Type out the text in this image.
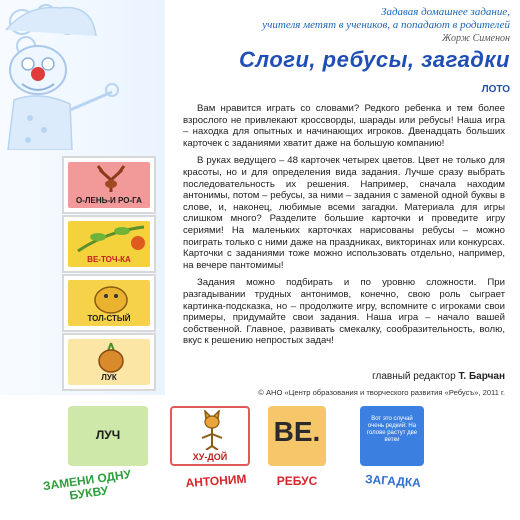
О-ЛЕНЬ-И РО-ГА
ВЕ-ТОЧ-КА
ТОЛ-СТЫЙ
ЛУК
Задавая домашнее задание,
учителя метят в учеников, а попадают в родителей
Жорж Сименон
Слоги, ребусы, загадки
ЛОТО

Вам нравится играть со словами? Редкого ребенка и тем более взрослого не привлекают кроссворды, шарады или ребусы! Наша игра – находка для опытных и начинающих игроков. Двенадцать больших карточек с заданиями хватит даже на большую компанию!

В руках ведущего – 48 карточек четырех цветов. Цвет не только для красоты, но и для определения вида задания. Лучше сразу выбрать последовательность их решения. Например, сначала находим антонимы, потом – ребусы, за ними – задания с заменой одной буквы в слове, и, наконец, любимые всеми загадки. Материала для игры слишком много? Разделите большие карточки и проведите игру сериями! На маленьких карточках нарисованы ребусы – можно поиграть только с ними даже на праздниках, викторинах или конкурсах. Карточки с заданиями тоже можно использовать отдельно, например, на вечере пантомимы!

Задания можно подбирать и по уровню сложности. При разгадывании трудных антонимов, конечно, свою роль сыграет картинка-подсказка, но – продолжите игру, вспомните с игроками свои примеры, придумайте свои задания. Наша игра – начало вашей собственной. Главное, развивать смекалку, сообразительность, волю, вкус к решению непростых задач!

главный редактор Т. Барчан
© АНО «Центр образования и творческого развития «Ребусъ», 2011 г.
ЛУЧ
ХУ-ДОЙ
ВЕ.	Вот это случай очень редкий: На голове растут две ветки
ЗАМЕНИ ОДНУ БУКВУ
АНТОНИМ	РЕБУС	ЗАГАДКА
